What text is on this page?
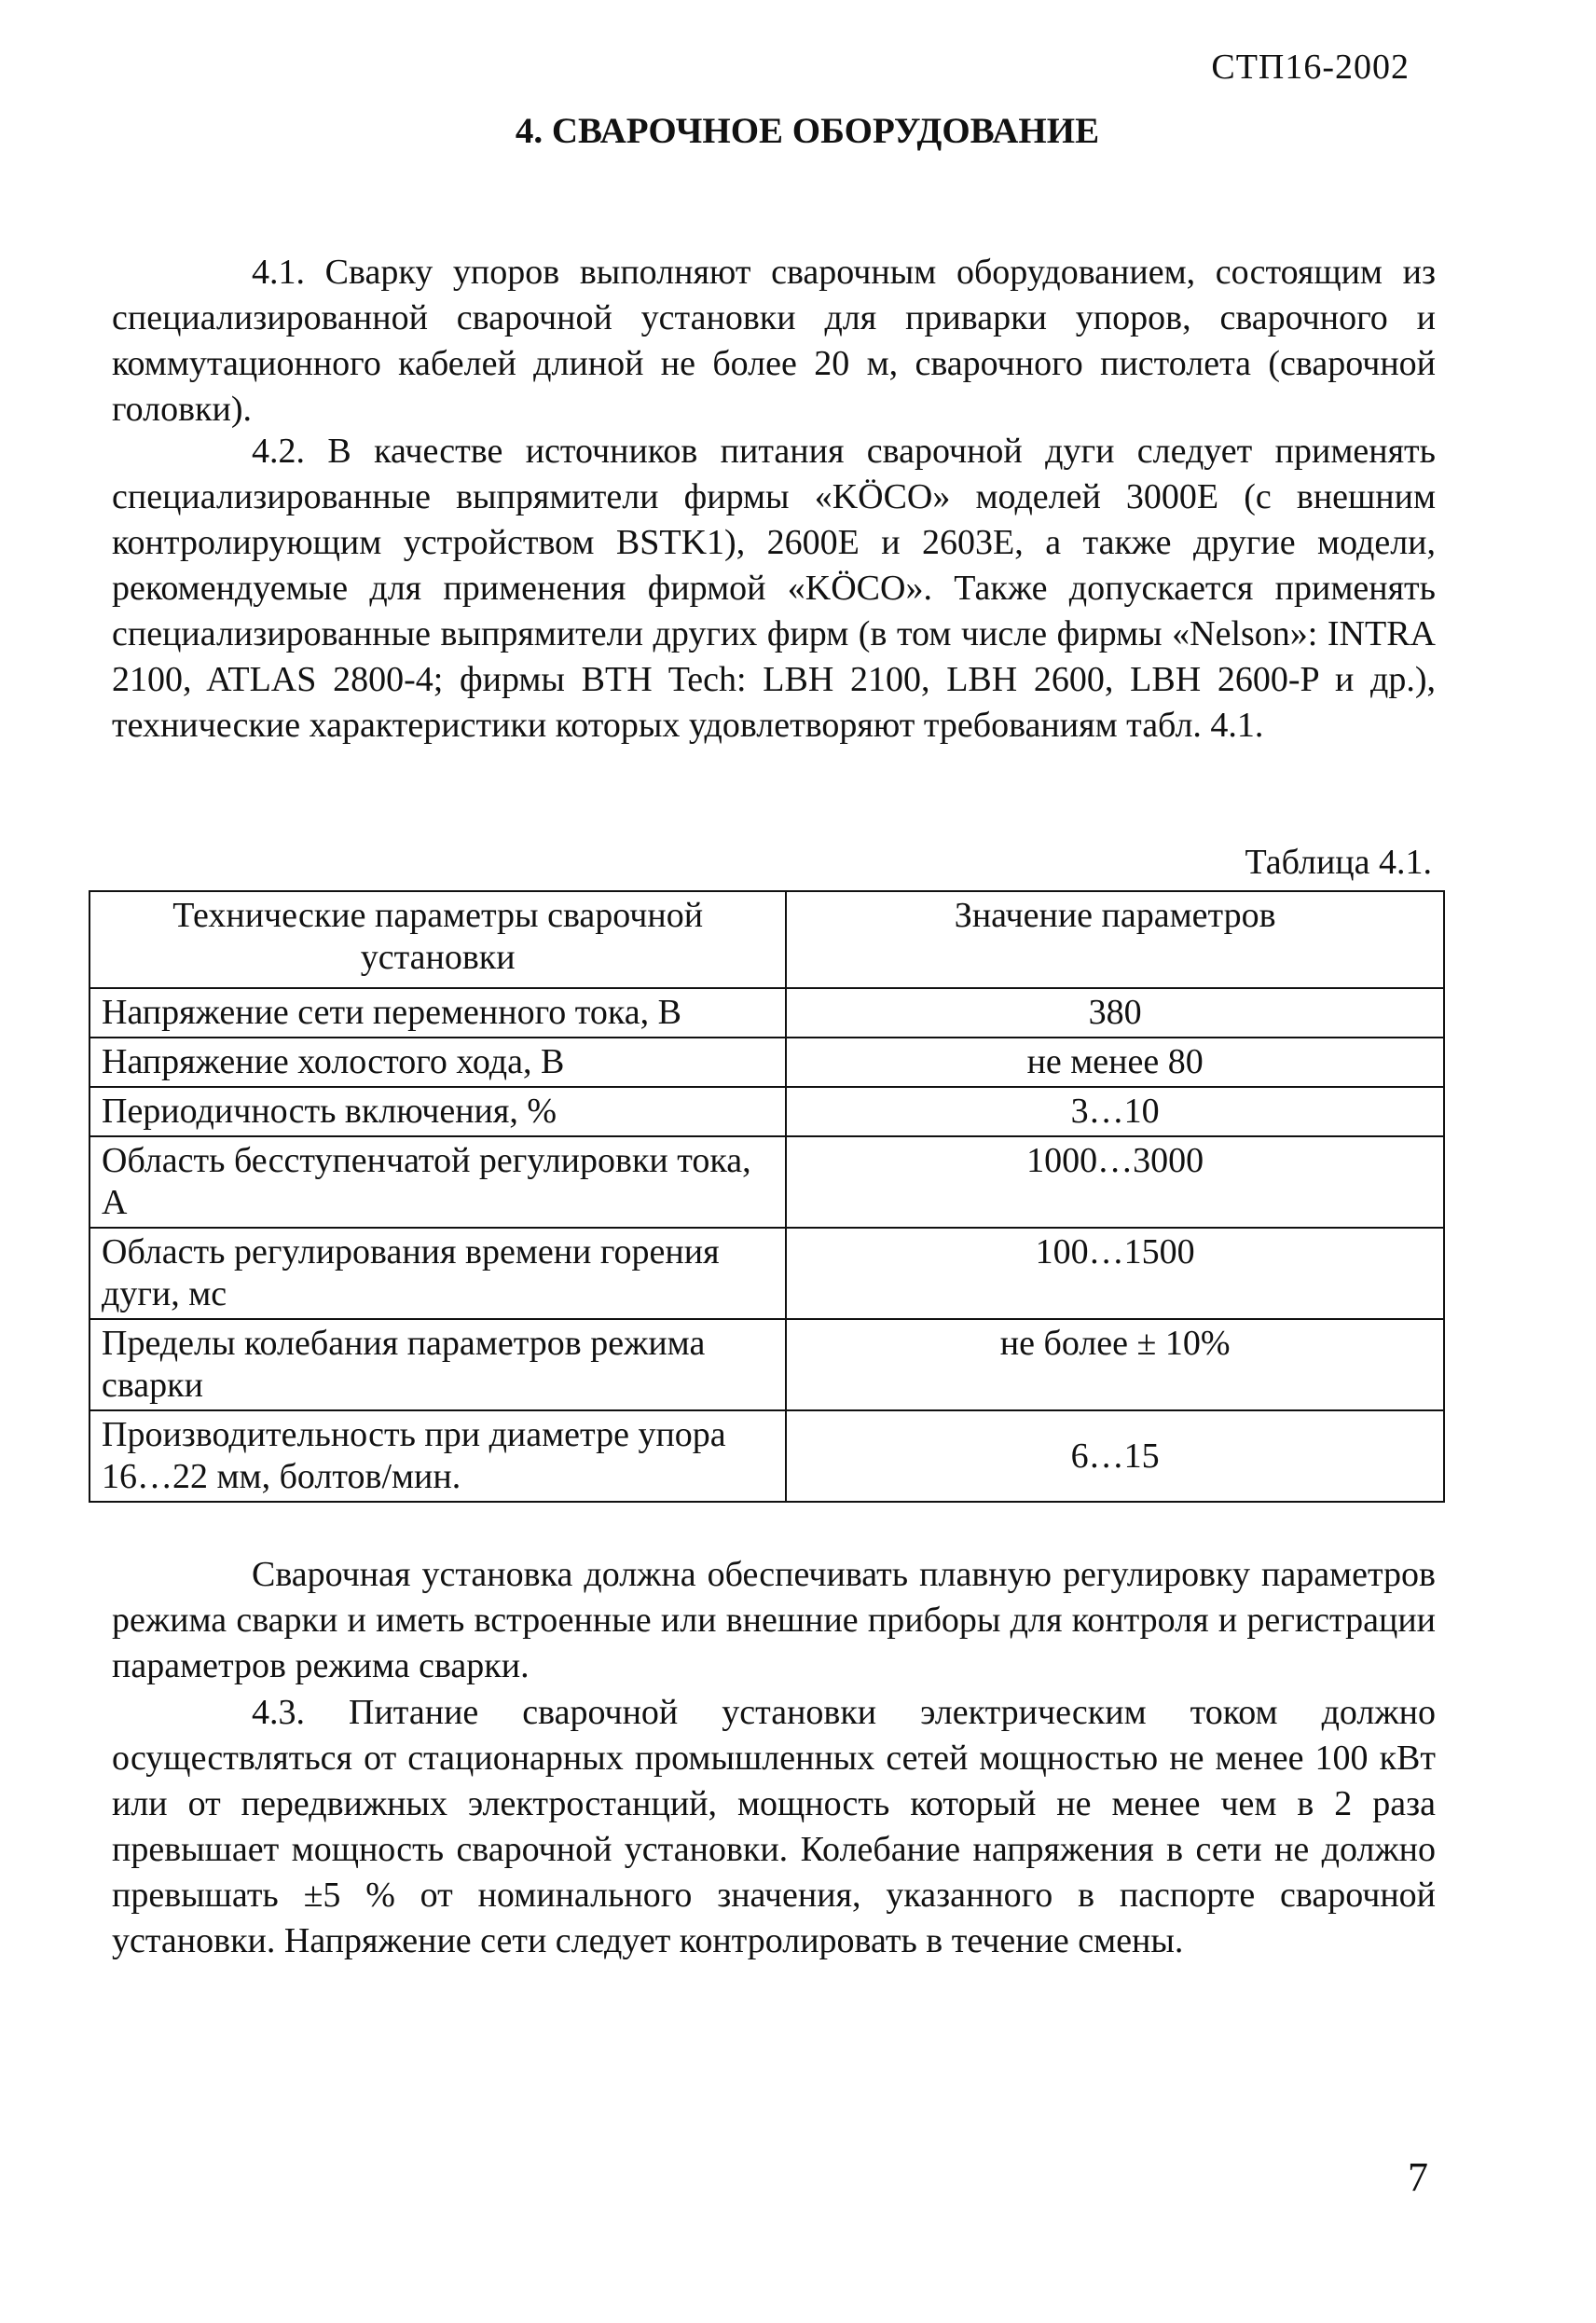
СТП16-2002
4. СВАРОЧНОЕ ОБОРУДОВАНИЕ

4.1. Сварку упоров выполняют сварочным оборудованием, состоящим из специализированной сварочной установки для приварки упоров, сварочного и коммутационного кабелей длиной не более 20 м, сварочного пистолета (сварочной головки).

4.2. В качестве источников питания сварочной дуги следует применять специализированные выпрямители фирмы «KÖCO» моделей 3000E (с внешним контролирующим устройством BSTK1), 2600E и 2603E, а также другие модели, рекомендуемые для применения фирмой «KÖCO». Также допускается применять специализированные выпрямители других фирм (в том числе фирмы «Nelson»: INTRA 2100, ATLAS 2800-4; фирмы BTH Tech: LBH 2100, LBH 2600, LBH 2600-P и др.), технические характеристики которых удовлетворяют требованиям табл. 4.1.

Таблица 4.1.
Технические параметры сварочной установки	Значение параметров
Напряжение сети переменного тока, В	380
Напряжение холостого хода, В	не менее 80
Периодичность включения, %	3…10
Область бесступенчатой регулировки тока, А	1000…3000
Область регулирования времени горения дуги, мс	100…1500
Пределы колебания параметров режима сварки	не более ± 10%
Производительность при диаметре упора 16…22 мм, болтов/мин.	6…15

Сварочная установка должна обеспечивать плавную регулировку параметров режима сварки и иметь встроенные или внешние приборы для контроля и регистрации параметров режима сварки.

4.3. Питание сварочной установки электрическим током должно осуществляться от стационарных промышленных сетей мощностью не менее 100 кВт или от передвижных электростанций, мощность который не менее чем в 2 раза превышает мощность сварочной установки. Колебание напряжения в сети не должно превышать ±5 % от номинального значения, указанного в паспорте сварочной установки. Напряжение сети следует контролировать в течение смены.

7
